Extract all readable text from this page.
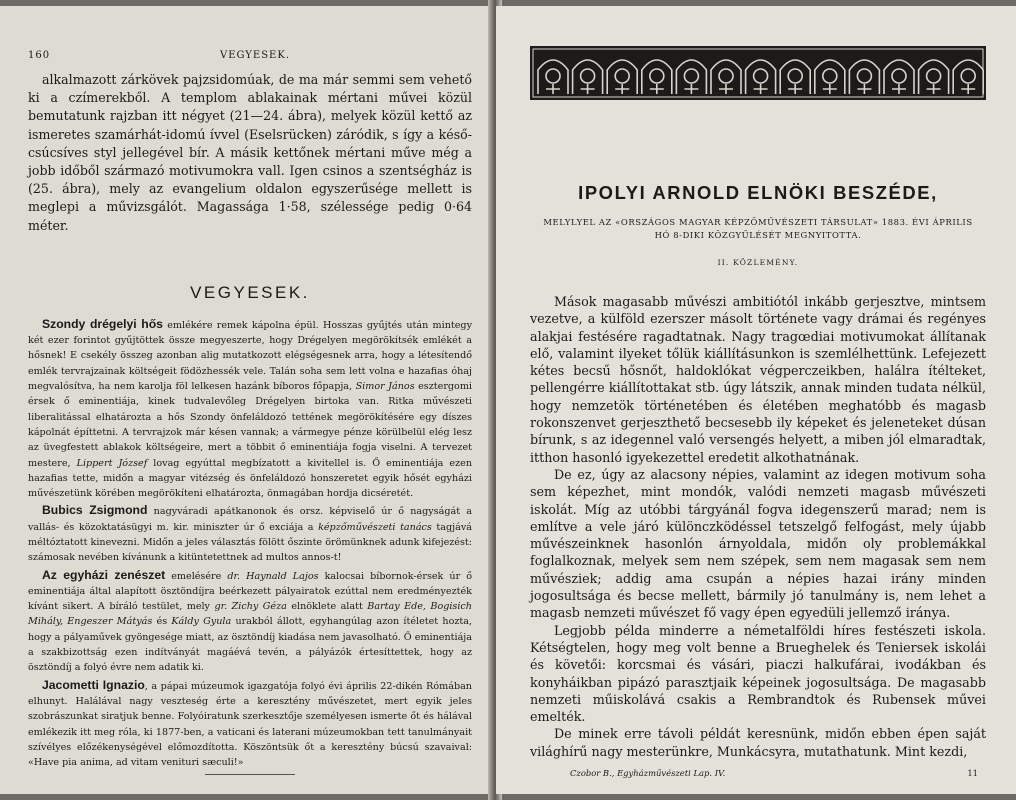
160	VEGYESEK.

alkalmazott zárkövek pajzsidomúak, de ma már semmi sem vehető ki a czímerekből. A templom ablakainak mértani művei közül bemutatunk rajzban itt négyet (21—24. ábra), melyek közül kettő az ismeretes szamárhát-idomú ívvel (Eselsrücken) záródik, s így a késő-csúcsíves styl jellegével bír. A másik kettőnek mértani műve még a jobb időből származó motivumokra vall. Igen csinos a szentségház is (25. ábra), mely az evangelium oldalon egyszerűsége mellett is meglepi a művizsgálót. Magassága 1·58, szélessége pedig 0·64 méter.

VEGYESEK.

Szondy drégelyi hős emlékére remek kápolna épül. Hosszas gyűjtés után mintegy két ezer forintot gyűjtöttek össze megyeszerte, hogy Drégelyen megörökítsék emlékét a hősnek! E csekély összeg azonban alig mutatkozott elégségesnek arra, hogy a létesítendő emlék tervrajzainak költségeit födözhessék vele. Talán soha sem lett volna e hazafias óhaj megvalósítva, ha nem karolja föl lelkesen hazánk bíboros főpapja, Simor János esztergomi érsek ő eminentiája, kinek tudvalevőleg Drégelyen birtoka van. Ritka művészeti liberalitással elhatározta a hős Szondy önfeláldozó tettének megörökítésére egy díszes kápolnát építtetni. A tervrajzok már késen vannak; a vármegye pénze körülbelül elég lesz az üvegfestett ablakok költségeire, mert a többit ő eminentiája fogja viselni. A tervezet mestere, Lippert József lovag egyúttal megbízatott a kivitellel is. Ő eminentiája ezen hazafias tette, midőn a magyar vitézség és önfeláldozó honszeretet egyik hősét egyházi művészetünk körében megörökíteni elhatározta, önmagában hordja dicséretét.

Bubics Zsigmond nagyváradi apátkanonok és orsz. képviselő úr ő nagyságát a vallás- és közoktatásügyi m. kir. miniszter úr ő exciája a képzőművészeti tanács tagjává méltóztatott kinevezni. Midőn a jeles választás fölött őszinte örömünknek adunk kifejezést: számosak nevében kívánunk a kitüntetettnek ad multos annos-t!

Az egyházi zenészet emelésére dr. Haynald Lajos kalocsai bíbornok-érsek úr ő eminentiája által alapított ösztöndíjra beérkezett pályairatok ezúttal nem eredményezték kívánt sikert. A bíráló testület, mely gr. Zichy Géza elnöklete alatt Bartay Ede, Bogisich Mihály, Engeszer Mátyás és Káldy Gyula urakból állott, egyhangúlag azon ítéletet hozta, hogy a pályaművek gyöngesége miatt, az ösztöndíj kiadása nem javasolható. Ő eminentiája a szakbizottság ezen indítványát magáévá tevén, a pályázók értesíttettek, hogy az ösztöndíj a folyó évre nem adatik ki.

Jacometti Ignazio, a pápai múzeumok igazgatója folyó évi április 22-dikén Rómában elhunyt. Halálával nagy veszteség érte a keresztény művészetet, mert egyik jeles szobrászunkat siratjuk benne. Folyóiratunk szerkesztője személyesen ismerte őt és hálával emlékezik itt meg róla, ki 1877-ben, a vaticani és laterani múzeumokban tett tanulmányait szívélyes előzékenységével előmozdította. Köszöntsük őt a keresztény búcsú szavaival: «Have pia anima, ad vitam venituri sæculi!»

IPOLYI ARNOLD ELNÖKI BESZÉDE,
MELYLYEL AZ «ORSZÁGOS MAGYAR KÉPZŐMŰVÉSZETI TÁRSULAT» 1883. ÉVI ÁPRILIS HÓ 8-DIKI KÖZGYŰLÉSÉT MEGNYITOTTA.
II. KÖZLEMÉNY.

Mások magasabb művészi ambitiótól inkább gerjesztve, mintsem vezetve, a külföld ezerszer másolt története vagy drámai és regényes alakjai festésére ragadtatnak. Nagy tragœdiai motivumokat állítanak elő, valamint ilyeket tőlük kiállításunkon is szemlélhettünk. Lefejezett kétes becsű hősnőt, haldoklókat végperczeikben, halálra ítélteket, pellengérre kiállítottakat stb. úgy látszik, annak minden tudata nélkül, hogy nemzetök történetében és életében meghatóbb és magasb rokonszenvet gerjeszthető becsesebb ily képeket és jeleneteket dúsan bírunk, s az idegennel való versengés helyett, a miben jól elmaradtak, itthon hasonló igyekezettel eredetit alkothatnának.

De ez, úgy az alacsony népies, valamint az idegen motivum soha sem képezhet, mint mondók, valódi nemzeti magasb művészeti iskolát. Míg az utóbbi tárgyánál fogva idegenszerű marad; nem is említve a vele járó különczködéssel tetszelgő felfogást, mely újabb művészeinknek hasonlón árnyoldala, midőn oly problemákkal foglalkoznak, melyek sem nem szépek, sem nem magasak sem nem művésziek; addig ama csupán a népies hazai irány minden jogosultsága és becse mellett, bármily jó tanulmány is, nem lehet a magasb nemzeti művészet fő vagy épen egyedüli jellemző iránya.

Legjobb példa minderre a németalföldi híres festészeti iskola. Kétségtelen, hogy meg volt benne a Brueghelek és Teniersek iskolái és követői: korcsmai és vásári, piaczi halkufárai, ivodákban és konyháikban pipázó parasztjaik képeinek jogosultsága. De magasabb nemzeti műiskolává csakis a Rembrandtok és Rubensek művei emelték.

De minek erre távoli példát keresnünk, midőn ebben épen saját világhírű nagy mesterünkre, Munkácsyra, mutathatunk. Mint kezdi,

Czobor B., Egyházművészeti Lap. IV.	11
